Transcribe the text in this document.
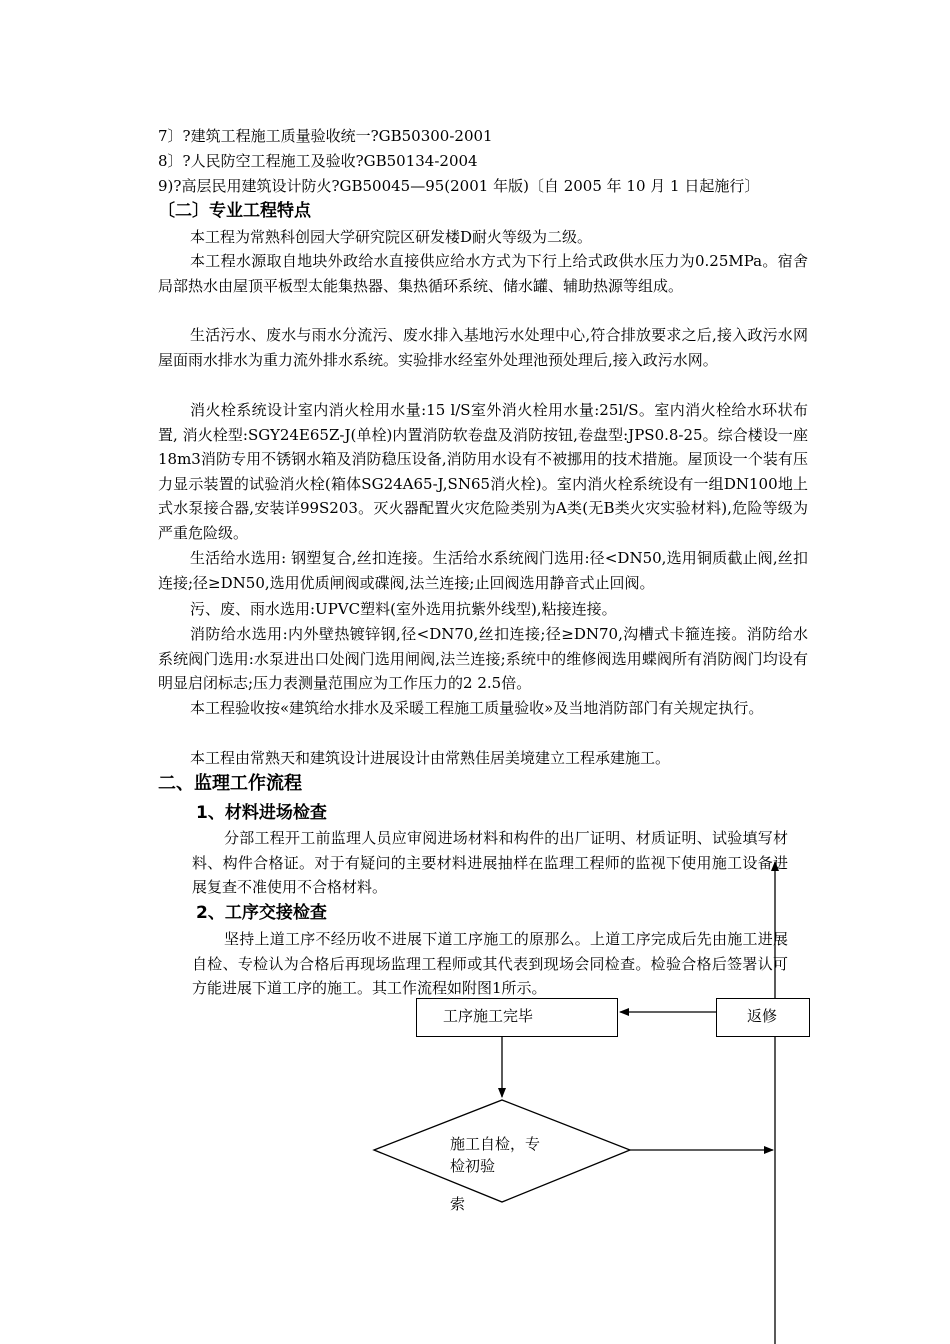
7〕?建筑工程施工质量验收统一?GB50300-2001
8〕?人民防空工程施工及验收?GB50134-2004
9)?高层民用建筑设计防火?GB50045—95(2001 年版)〔自 2005 年 10 月 1 日起施行〕
〔二〕专业工程特点
本工程为常熟科创园大学研究院区研发楼D耐火等级为二级。
本工程水源取自地块外政给水直接供应给水方式为下行上给式政供水压力为0.25MPa。宿舍局部热水由屋顶平板型太能集热器、集热循环系统、储水罐、辅助热源等组成。
生活污水、废水与雨水分流污、废水排入基地污水处理中心,符合排放要求之后,接入政污水网屋面雨水排水为重力流外排水系统。实验排水经室外处理池预处理后,接入政污水网。
消火栓系统设计室内消火栓用水量:15 l/S室外消火栓用水量:25l/S。室内消火栓给水环状布置, 消火栓型:SGY24E65Z-J(单栓)内置消防软卷盘及消防按钮,卷盘型:JPS0.8-25。综合楼设一座18m3消防专用不锈钢水箱及消防稳压设备,消防用水设有不被挪用的技术措施。屋顶设一个装有压力显示装置的试验消火栓(箱体SG24A65-J,SN65消火栓)。室内消火栓系统设有一组DN100地上式水泵接合器,安装详99S203。灭火器配置火灾危险类别为A类(无B类火灾实验材料),危险等级为严重危险级。
生活给水选用: 钢塑复合,丝扣连接。生活给水系统阀门选用:径<DN50,选用铜质截止阀,丝扣连接;径≥DN50,选用优质闸阀或碟阀,法兰连接;止回阀选用静音式止回阀。
污、废、雨水选用:UPVC塑料(室外选用抗紫外线型),粘接连接。
消防给水选用:内外壁热镀锌钢,径<DN70,丝扣连接;径≥DN70,沟槽式卡箍连接。消防给水系统阀门选用:水泵进出口处阀门选用闸阀,法兰连接;系统中的维修阀选用蝶阀所有消防阀门均设有明显启闭标志;压力表测量范围应为工作压力的2 2.5倍。
本工程验收按«建筑给水排水及采暖工程施工质量验收»及当地消防部门有关规定执行。
本工程由常熟天和建筑设计进展设计由常熟佳居美境建立工程承建施工。
二、监理工作流程
1、材料进场检查
分部工程开工前监理人员应审阅进场材料和构件的出厂证明、材质证明、试验填写材料、构件合格证。对于有疑问的主要材料进展抽样在监理工程师的监视下使用施工设备进展复查不准使用不合格材料。
2、工序交接检查
坚持上道工序不经历收不进展下道工序施工的原那么。上道工序完成后先由施工进展自检、专检认为合格后再现场监理工程师或其代表到现场会同检查。检验合格后签署认可方能进展下道工序的施工。其工作流程如附图1所示。
工序施工完毕	返修
施工自检，专
检初验
索
